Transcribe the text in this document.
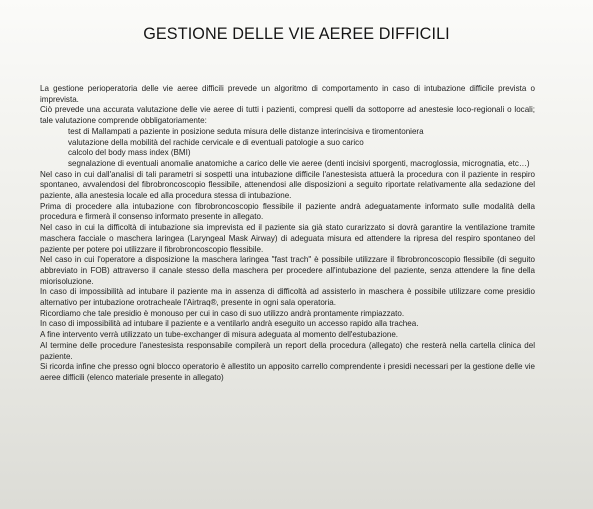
GESTIONE DELLE VIE AEREE DIFFICILI

La gestione perioperatoria delle vie aeree difficili prevede un algoritmo di comportamento in caso di intubazione difficile prevista o imprevista.

Ciò prevede una accurata valutazione delle vie aeree di tutti i pazienti, compresi quelli da sottoporre ad anestesie loco-regionali o locali; tale valutazione comprende obbligatoriamente:

test di Mallampati a paziente in posizione seduta misura delle distanze interincisiva e tiromentoniera
valutazione della mobilità del rachide cervicale e di eventuali patologie a suo carico
calcolo del body mass index (BMI)
segnalazione di eventuali anomalie anatomiche a carico delle vie aeree (denti incisivi sporgenti, macroglossia, micrognatia, etc…)

Nel caso in cui dall'analisi di tali parametri si sospetti una intubazione difficile l'anestesista attuerà la procedura con il paziente in respiro spontaneo, avvalendosi del fibrobroncoscopio flessibile, attenendosi alle disposizioni a seguito riportate relativamente alla sedazione del paziente, alla anestesia locale ed alla procedura stessa di intubazione.

Prima di procedere alla intubazione con fibrobroncoscopio flessibile il paziente andrà adeguatamente informato sulle modalità della procedura e firmerà il consenso informato presente in allegato.

Nel caso in cui la difficoltà di intubazione sia imprevista ed il paziente sia già stato curarizzato si dovrà garantire la ventilazione tramite maschera facciale o maschera laringea (Laryngeal Mask Airway) di adeguata misura ed attendere la ripresa del respiro spontaneo del paziente per potere poi utilizzare il fibrobroncoscopio flessibile.

Nel caso in cui l'operatore a disposizione la maschera laringea "fast trach" è possibile utilizzare il fibrobroncoscopio flessibile (di seguito abbreviato in FOB) attraverso il canale stesso della maschera per procedere all'intubazione del paziente, senza attendere la fine della miorisoluzione.

In caso di impossibilità ad intubare il paziente ma in assenza di difficoltà ad assisterlo in maschera è possibile utilizzare come presidio alternativo per intubazione orotracheale l'Airtraq®, presente in ogni sala operatoria.

Ricordiamo che tale presidio è monouso per cui in caso di suo utilizzo andrà prontamente rimpiazzato.

In caso di impossibilità ad intubare il paziente e a ventilarlo andrà eseguito un accesso rapido alla trachea.

A fine intervento verrà utilizzato un tube-exchanger di misura adeguata al momento dell'estubazione.

Al termine delle procedure l'anestesista responsabile compilerà un report della procedura (allegato) che resterà nella cartella clinica del paziente.

Si ricorda infine che presso ogni blocco operatorio è allestito un apposito carrello comprendente i presidi necessari per la gestione delle vie aeree difficili (elenco materiale presente in allegato)
